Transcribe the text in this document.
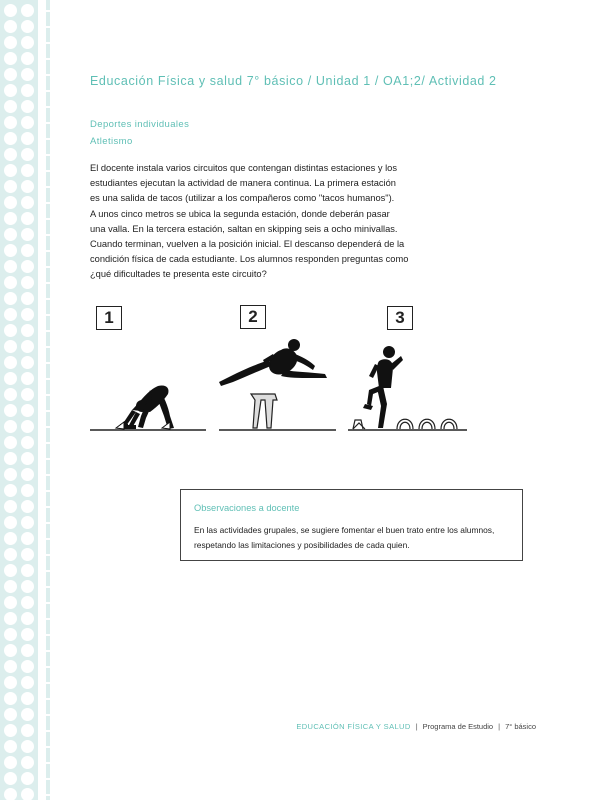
Educación Física y salud 7° básico / Unidad 1 / OA1;2/ Actividad 2
Deportes individuales
Atletismo
El docente instala varios circuitos que contengan distintas estaciones y los
estudiantes ejecutan la actividad de manera continua. La primera estación
es una salida de tacos (utilizar a los compañeros como "tacos humanos").
A unos cinco metros se ubica la segunda estación, donde deberán pasar
una valla. En la tercera estación, saltan en skipping seis a ocho minivallas.
Cuando terminan, vuelven a la posición inicial. El descanso dependerá de la
condición física de cada estudiante. Los alumnos responden preguntas como
¿qué dificultades te presenta este circuito?
1	2	3
Observaciones a docente
En las actividades grupales, se sugiere fomentar el buen trato entre los alumnos,
respetando las limitaciones y posibilidades de cada quien.
EDUCACIÓN FÍSICA Y SALUD | Programa de Estudio | 7° básico
